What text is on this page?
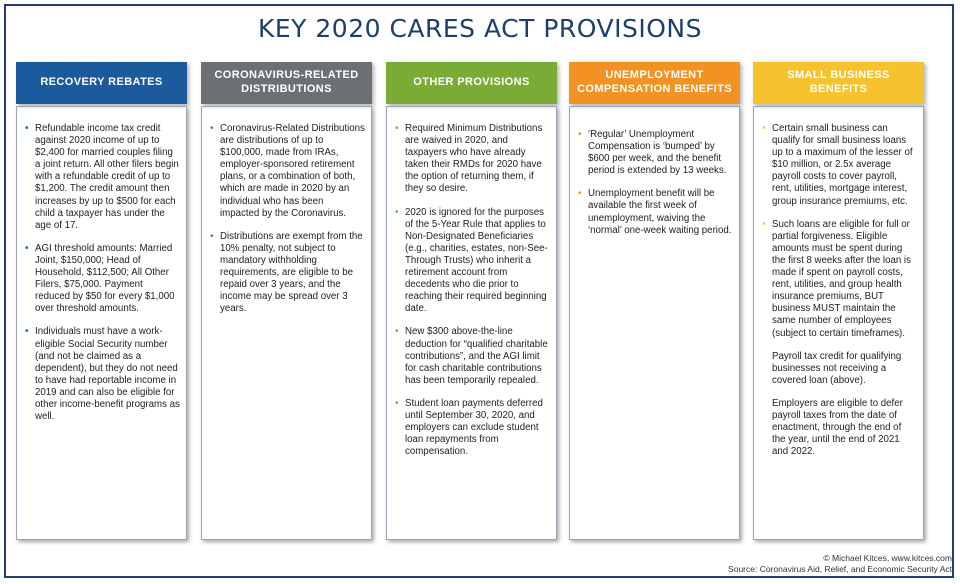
KEY 2020 CARES ACT PROVISIONS
RECOVERY REBATES
• Refundable income tax credit against 2020 income of up to $2,400 for married couples filing a joint return. All other filers begin with a refundable credit of up to $1,200. The credit amount then increases by up to $500 for each child a taxpayer has under the age of 17.
• AGI threshold amounts: Married Joint, $150,000; Head of Household, $112,500; All Other Filers, $75,000. Payment reduced by $50 for every $1,000 over threshold amounts.
• Individuals must have a work-eligible Social Security number (and not be claimed as a dependent), but they do not need to have had reportable income in 2019 and can also be eligible for other income-benefit programs as well.
CORONAVIRUS-RELATED DISTRIBUTIONS
• Coronavirus-Related Distributions are distributions of up to $100,000, made from IRAs, employer-sponsored retirement plans, or a combination of both, which are made in 2020 by an individual who has been impacted by the Coronavirus.
• Distributions are exempt from the 10% penalty, not subject to mandatory withholding requirements, are eligible to be repaid over 3 years, and the income may be spread over 3 years.
OTHER PROVISIONS
• Required Minimum Distributions are waived in 2020, and taxpayers who have already taken their RMDs for 2020 have the option of returning them, if they so desire.
• 2020 is ignored for the purposes of the 5-Year Rule that applies to Non-Designated Beneficiaries (e.g., charities, estates, non-See-Through Trusts) who inherit a retirement account from decedents who die prior to reaching their required beginning date.
• New $300 above-the-line deduction for “qualified charitable contributions”, and the AGI limit for cash charitable contributions has been temporarily repealed.
• Student loan payments deferred until September 30, 2020, and employers can exclude student loan repayments from compensation.
UNEMPLOYMENT COMPENSATION BENEFITS
• ‘Regular’ Unemployment Compensation is ‘bumped’ by $600 per week, and the benefit period is extended by 13 weeks.
• Unemployment benefit will be available the first week of unemployment, waiving the ‘normal’ one-week waiting period.
SMALL BUSINESS BENEFITS
• Certain small business can qualify for small business loans up to a maximum of the lesser of $10 million, or 2.5x average payroll costs to cover payroll, rent, utilities, mortgage interest, group insurance premiums, etc.
• Such loans are eligible for full or partial forgiveness. Eligible amounts must be spent during the first 8 weeks after the loan is made if spent on payroll costs, rent, utilities, and group health insurance premiums, BUT business MUST maintain the same number of employees (subject to certain timeframes).

Payroll tax credit for qualifying businesses not receiving a covered loan (above).

Employers are eligible to defer payroll taxes from the date of enactment, through the end of the year, until the end of 2021 and 2022.

© Michael Kitces, www.kitces.com
Source: Coronavirus Aid, Relief, and Economic Security Act
